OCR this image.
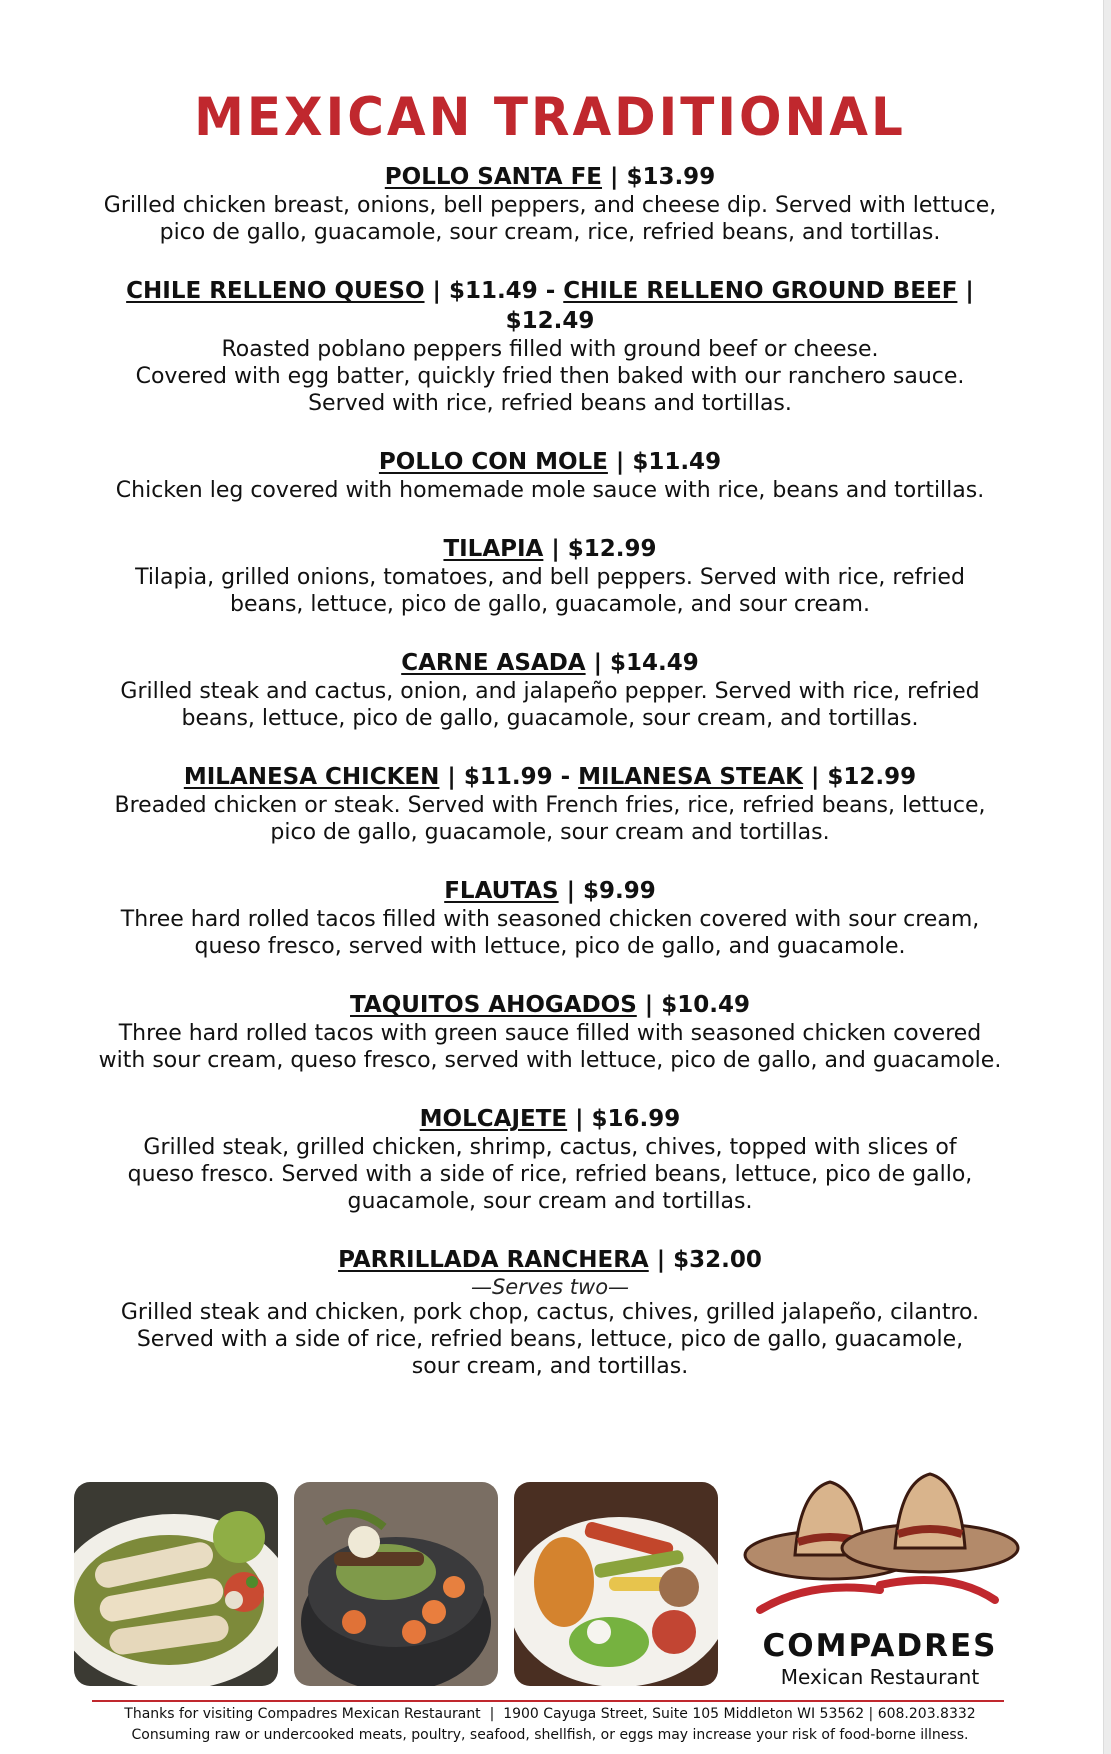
MEXICAN TRADITIONAL
POLLO SANTA FE | $13.99
Grilled chicken breast, onions, bell peppers, and cheese dip. Served with lettuce,
pico de gallo, guacamole, sour cream, rice, refried beans, and tortillas.
CHILE RELLENO QUESO | $11.49 - CHILE RELLENO GROUND BEEF | $12.49
Roasted poblano peppers filled with ground beef or cheese.
Covered with egg batter, quickly fried then baked with our ranchero sauce.
Served with rice, refried beans and tortillas.
POLLO CON MOLE | $11.49
Chicken leg covered with homemade mole sauce with rice, beans and tortillas.
TILAPIA | $12.99
Tilapia, grilled onions, tomatoes, and bell peppers. Served with rice, refried
beans, lettuce, pico de gallo, guacamole, and sour cream.
CARNE ASADA | $14.49
Grilled steak and cactus, onion, and jalapeño pepper. Served with rice, refried
beans, lettuce, pico de gallo, guacamole, sour cream, and tortillas.
MILANESA CHICKEN | $11.99 - MILANESA STEAK | $12.99
Breaded chicken or steak. Served with French fries, rice, refried beans, lettuce,
pico de gallo, guacamole, sour cream and tortillas.
FLAUTAS | $9.99
Three hard rolled tacos filled with seasoned chicken covered with sour cream,
queso fresco, served with lettuce, pico de gallo, and guacamole.
TAQUITOS AHOGADOS | $10.49
Three hard rolled tacos with green sauce filled with seasoned chicken covered
with sour cream, queso fresco, served with lettuce, pico de gallo, and guacamole.
MOLCAJETE | $16.99
Grilled steak, grilled chicken, shrimp, cactus, chives, topped with slices of
queso fresco. Served with a side of rice, refried beans, lettuce, pico de gallo,
guacamole, sour cream and tortillas.
PARRILLADA RANCHERA | $32.00
—Serves two—
Grilled steak and chicken, pork chop, cactus, chives, grilled jalapeño, cilantro.
Served with a side of rice, refried beans, lettuce, pico de gallo, guacamole,
sour cream, and tortillas.
COMPADRES
Mexican Restaurant
Thanks for visiting Compadres Mexican Restaurant  |  1900 Cayuga Street, Suite 105 Middleton WI 53562 | 608.203.8332
Consuming raw or undercooked meats, poultry, seafood, shellfish, or eggs may increase your risk of food-borne illness.
